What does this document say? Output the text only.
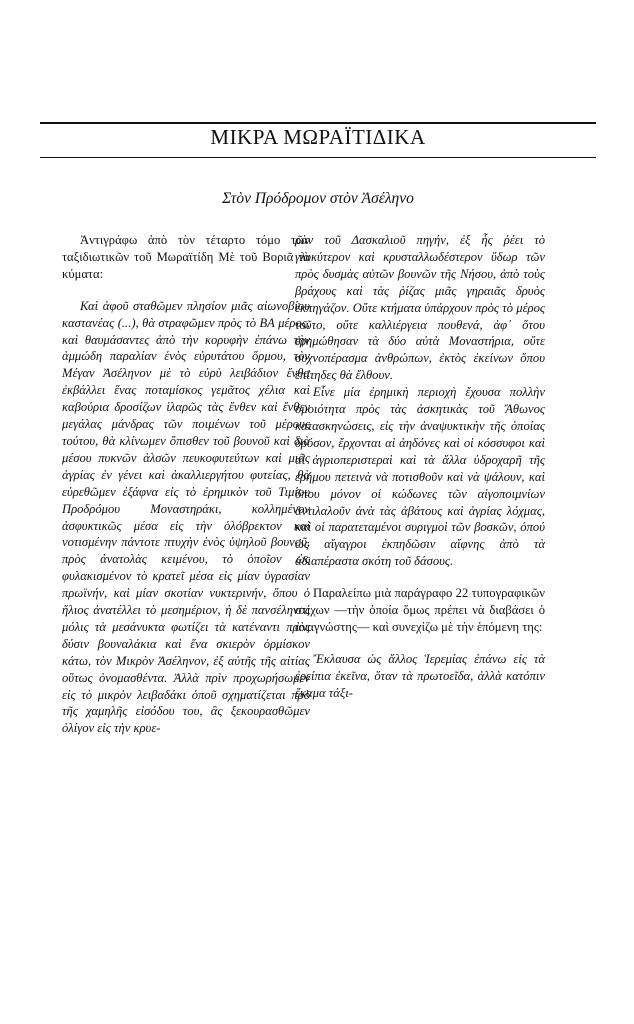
ΜΙΚΡΑ ΜΩΡΑΪΤΙΔΙΚΑ
Στὸν Πρόδρομον στὸν Ἀσέληνο

Ἀντιγράφω ἀπὸ τὸν τέταρτο τόμο τῶν ταξιδιωτικῶν τοῦ Μωραϊτίδη Μὲ τοῦ Βοριᾶ τὰ κύματα:

Καὶ ἀφοῦ σταθῶμεν πλησίον μιᾶς αἰωνοβίου καστανέας (...), θὰ στραφῶμεν πρὸς τὸ ΒΑ μέρος, καὶ θαυμάσαντες ἀπὸ τὴν κορυφὴν ἐπάνω τὴν ἀμμώδη παραλίαν ἑνὸς εὐρυτάτου ὅρμου, τὸν Μέγαν Ἀσέληνον μὲ τὸ εὐρὺ λειβάδιον ἔνθα ἐκβάλλει ἕνας ποταμίσκος γεμᾶτος χέλια καὶ καβούρια δροσίζων ἱλαρῶς τὰς ἔνθεν καὶ ἔνθεν μεγάλας μάνδρας τῶν ποιμένων τοῦ μέρους τούτου, θὰ κλίνωμεν ὄπισθεν τοῦ βουνοῦ καὶ διὰ μέσου πυκνῶν ἀλσῶν πευκοφυτεύτων καὶ μιᾶς ἀγρίας ἐν γένει καὶ ἀκαλλιεργήτου φυτείας, θὰ εὑρεθῶμεν ἐξάφνα εἰς τὸ ἐρημικὸν τοῦ Τιμίου Προδρόμου Μοναστηράκι, κολλημένον ἀσφυκτικῶς μέσα εἰς τὴν ὁλόβρεκτον καὶ νοτισμένην πάντοτε πτυχὴν ἑνὸς ὑψηλοῦ βουνοῦ, πρὸς ἀνατολὰς κειμένου, τὸ ὁποῖον ὡς φυλακισμένον τὸ κρατεῖ μέσα εἰς μίαν ὑγρασίαν πρωϊνήν, καὶ μίαν σκοτίαν νυκτερινήν, ὅπου ὁ ἥλιος ἀνατέλλει τὸ μεσημέριον, ἡ δὲ πανσέληνος μόλις τὰ μεσάνυκτα φωτίζει τὰ κατέναντι πρὸς δύσιν βουναλάκια καὶ ἕνα σκιερὸν ὁρμίσκον κάτω, τὸν Μικρὸν Ἀσέληνον, ἐξ αὐτῆς τῆς αἰτίας οὕτως ὀνομασθέντα. Ἀλλὰ πρὶν προχωρήσωμεν εἰς τὸ μικρὸν λειβαδάκι ὁποῦ σχηματίζεται πρὸ τῆς χαμηλῆς εἰσόδου του, ἂς ξεκουρασθῶμεν ὀλίγον εἰς τὴν κρυε-

ρὰν τοῦ Δασκαλιοῦ πηγήν, ἐξ ἧς ῥέει τὸ γλυκύτερον καὶ κρυσταλλωδέστερον ὕδωρ τῶν πρὸς δυσμὰς αὐτῶν βουνῶν τῆς Νήσου, ἀπὸ τοὺς βράχους καὶ τὰς ῥίζας μιᾶς γηραιᾶς δρυὸς ἐκπηγάζον. Οὔτε κτήματα ὑπάρχουν πρὸς τὸ μέρος τοῦτο, οὔτε καλλιέργεια πουθενά, ἀφ᾽ ὅτου ἐρημώθησαν τὰ δύο αὐτὰ Μοναστήρια, οὔτε συχνοπέρασμα ἀνθρώπων, ἐκτὸς ἐκείνων ὅπου ἐπίτηδες θὰ ἔλθουν.

Εἶνε μία ἐρημικὴ περιοχὴ ἔχουσα πολλὴν ὁμοιότητα πρὸς τὰς ἀσκητικὰς τοῦ Ἄθωνος κατασκηνώσεις, εἰς τὴν ἀναψυκτικὴν τῆς ὁποίας δρόσον, ἔρχονται αἱ ἀηδόνες καὶ οἱ κόσσυφοι καὶ αἱ ἀγριοπεριστεραὶ καὶ τὰ ἄλλα ὑδροχαρῆ τῆς ἐρήμου πετεινὰ νὰ ποτισθοῦν καὶ νὰ ψάλουν, καὶ ὅπου μόνον οἱ κώδωνες τῶν αἰγοποιμνίων ἀντιλαλοῦν ἀνὰ τὰς ἀβάτους καὶ ἀγρίας λόχμας, καὶ οἱ παρατεταμένοι συριγμοὶ τῶν βοσκῶν, ὁπού ὡς αἴγαγροι ἐκπηδῶσιν αἴφνης ἀπὸ τὰ ἀδιαπέραστα σκότη τοῦ δάσους.

Παραλείπω μιὰ παράγραφο 22 τυπογραφικῶν στίχων —τὴν ὁποία ὅμως πρέπει νὰ διαβάσει ὁ ἀναγνώστης— καὶ συνεχίζω μὲ τὴν ἑπόμενη της:

Ἔκλαυσα ὡς ἄλλος Ἱερεμίας ἐπάνω εἰς τὰ ἐρείπια ἐκεῖνα, ὅταν τὰ πρωτοεῖδα, ἀλλὰ κατόπιν ἔκαμα τάξι-
